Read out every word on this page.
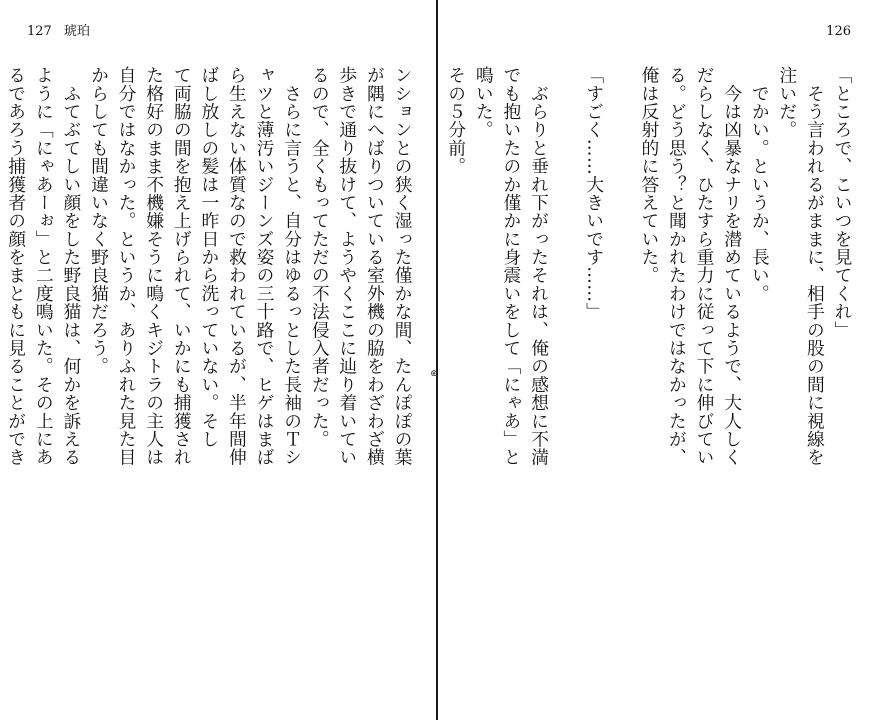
127 琥珀
ンションとの狭く湿った僅かな間、たんぽぽの葉
が隅にへばりついている室外機の脇をわざわざ横
歩きで通り抜けて、ようやくここに辿り着いてい
るので、全くもってただの不法侵入者だった。
　さらに言うと、自分はゆるっとした長袖のＴシ
ャツと薄汚いジーンズ姿の三十路で、ヒゲはまば
ら生えない体質なので救われているが、半年間伸
ばし放しの髪は一昨日から洗っていない。そし
て両脇の間を抱え上げられて、いかにも捕獲され
た格好のまま不機嫌そうに鳴くキジトラの主人は
自分ではなかった。というか、ありふれた見た目
からしても間違いなく野良猫だろう。
　ふてぶてしい顔をした野良猫は、何かを訴える
ように「にゃあーぉ」と二度鳴いた。その上にあ
るであろう捕獲者の顔をまともに見ることができ	⊕
126
「ところで、こいつを見てくれ」
　そう言われるがままに、相手の股の間に視線を
注いだ。
　でかい。というか、長い。
　今は凶暴なナリを潜めているようで、大人しく
だらしなく、ひたすら重力に従って下に伸びてい
る。どう思う？と聞かれたわけではなかったが、
俺は反射的に答えていた。

「すごく……大きいです……」

　ぶらりと垂れ下がったそれは、俺の感想に不満
でも抱いたのか僅かに身震いをして「にゃあ」と
鳴いた。
その５分前。
